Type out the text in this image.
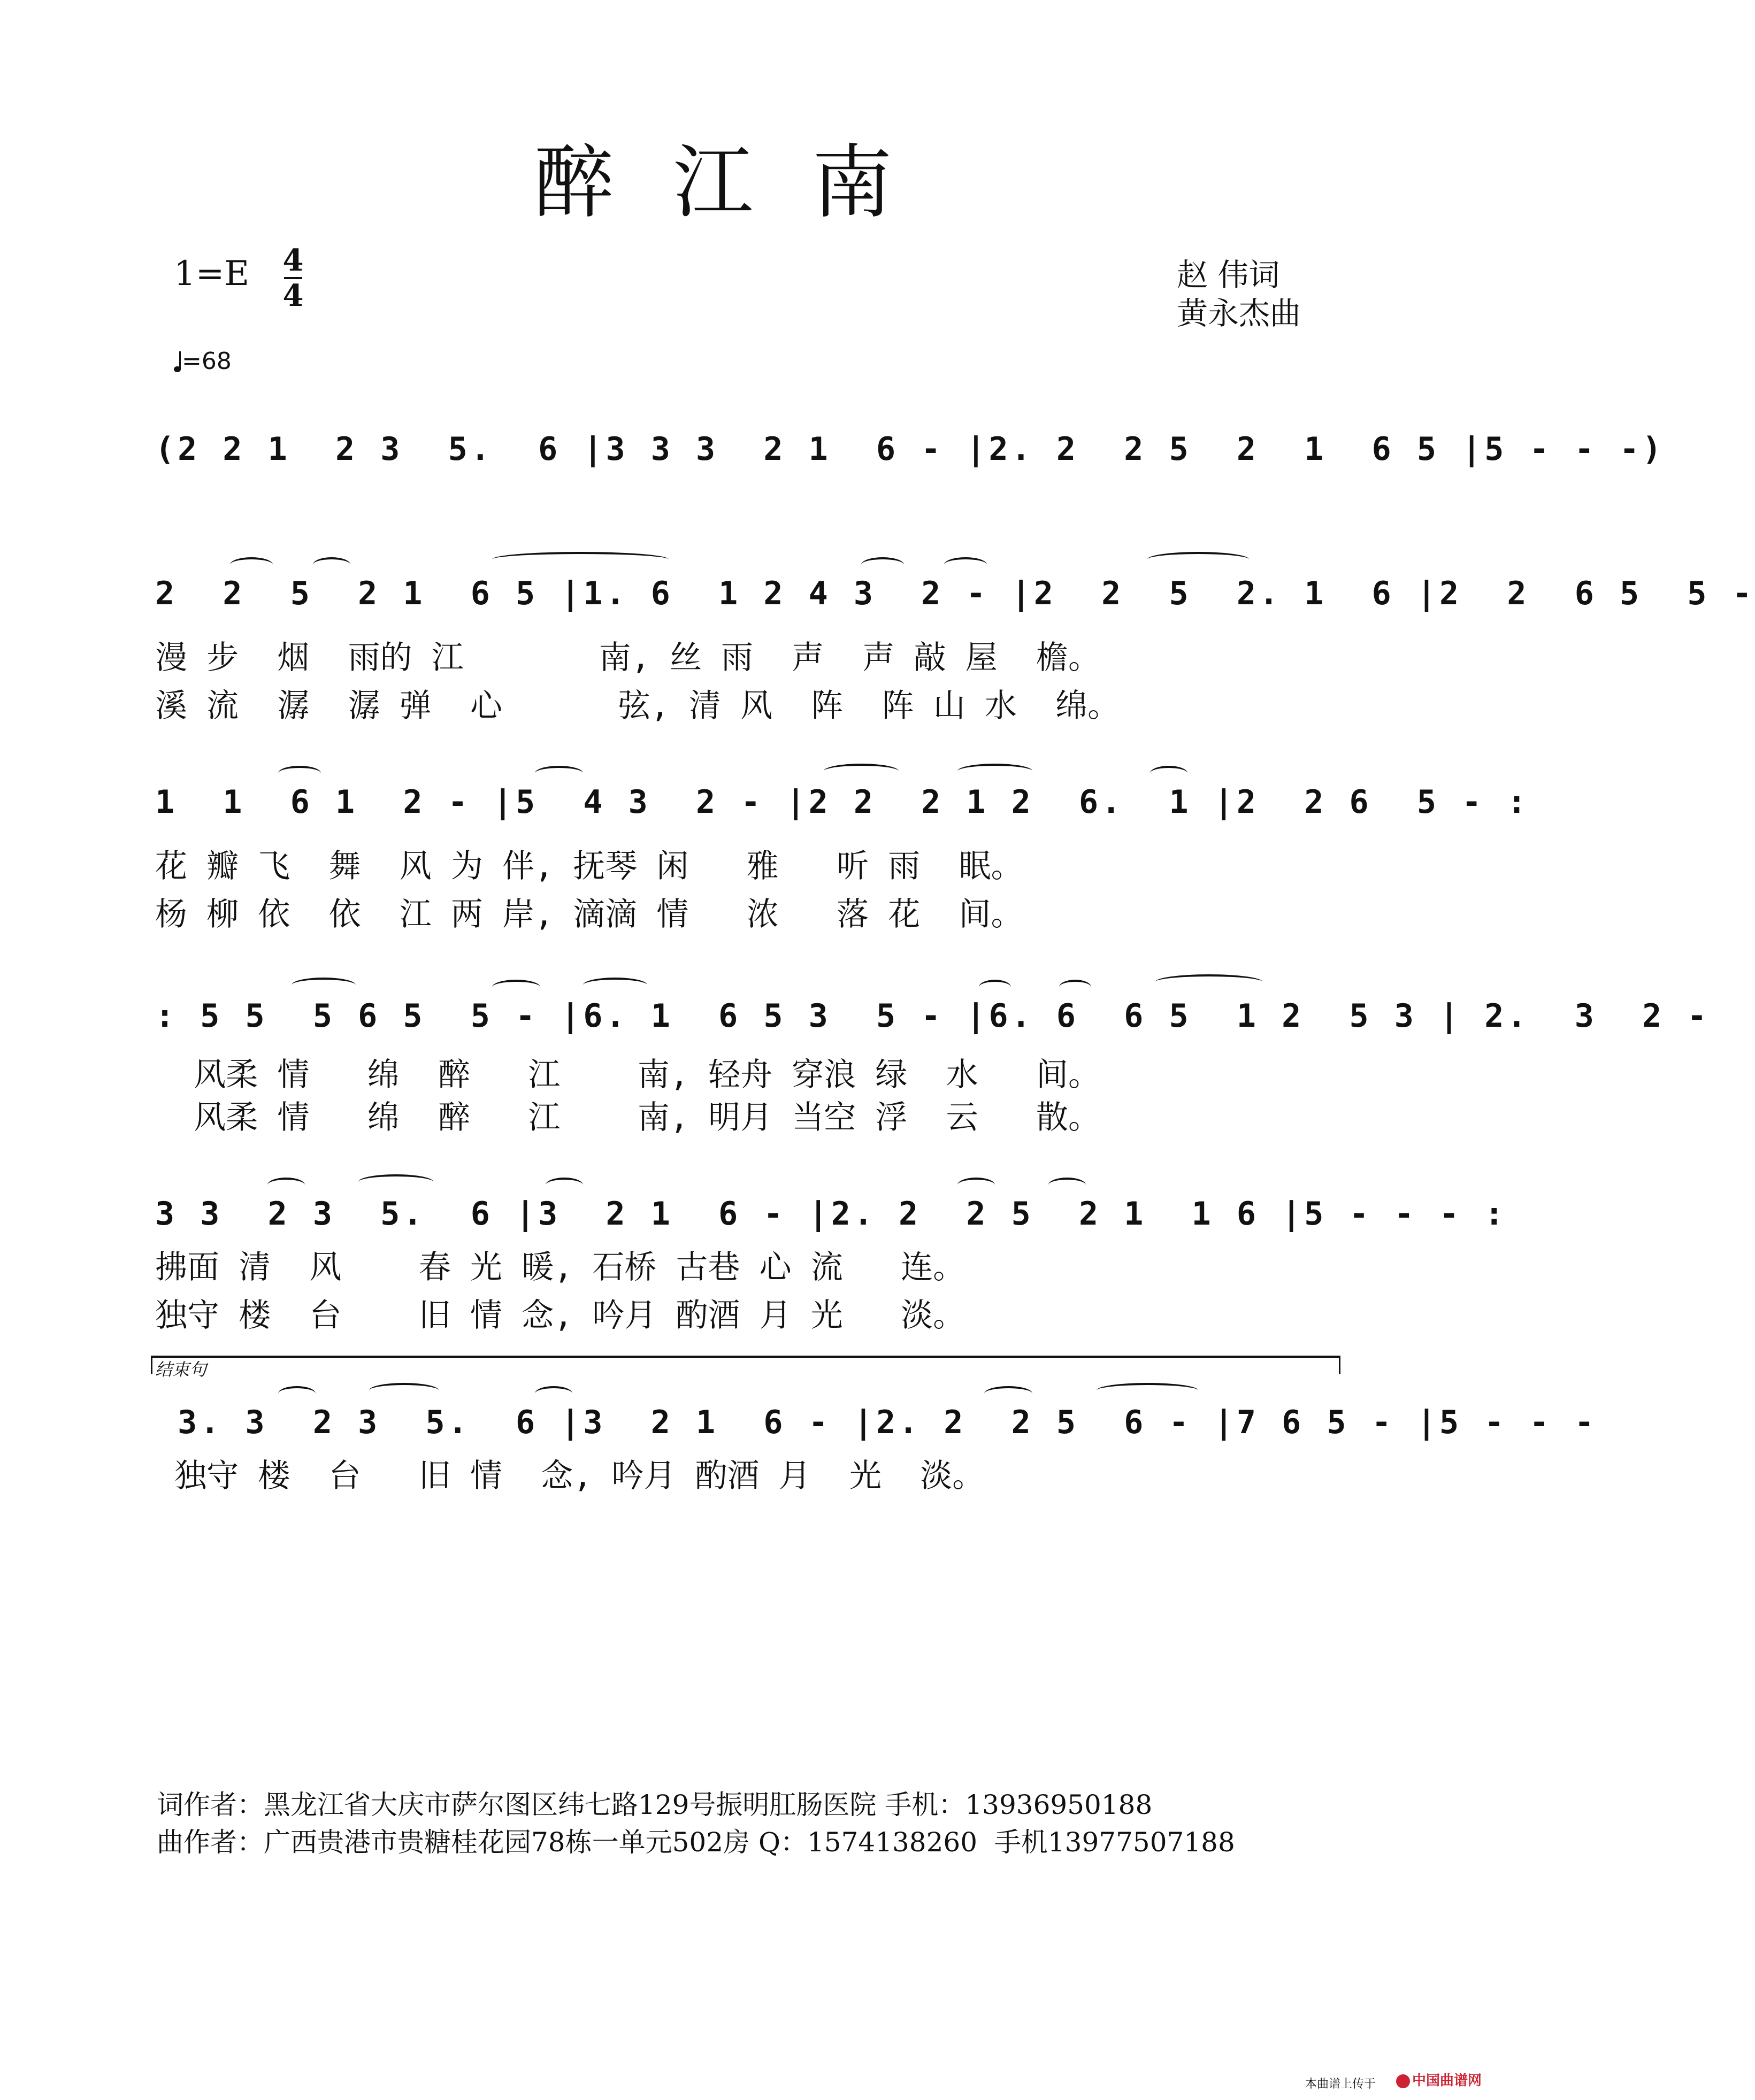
醉江南
1=E 4
4
赵 伟词
黄永杰曲
=68
(2 2 1  2 3  5.  6 |3 3 3  2 1  6 - |2. 2  2 5  2  1  6 5 |5 - - -)
2  2  5  2 1  6 5 |1. 6  1 2 4 3  2 - |2  2  5  2. 1  6 |2  2  6 5  5 -
漫 步  烟  雨的 江       南, 丝 雨  声  声 敲 屋  檐。
溪 流  潺  潺 弹  心      弦, 清 风  阵  阵 山 水  绵。
1  1  6 1  2 - |5  4 3  2 - |2 2  2 1 2  6.  1 |2  2 6  5 - :
花 瓣 飞  舞  风 为 伴, 抚琴 闲   雅   听 雨  眠。
杨 柳 依  依  江 两 岸, 滴滴 情   浓   落 花  间。
: 5 5  5 6 5  5 - |6. 1  6 5 3  5 - |6. 6  6 5  1 2  5 3 | 2.  3  2 -
风柔 情   绵  醉   江    南, 轻舟 穿浪 绿  水   间。
风柔 情   绵  醉   江    南, 明月 当空 浮  云   散。
3 3  2 3  5.  6 |3  2 1  6 - |2. 2  2 5  2 1  1 6 |5 - - - :
拂面 清  风    春 光 暖, 石桥 古巷 心 流   连。
独守 楼  台    旧 情 念, 吟月 酌酒 月 光   淡。
结束句
3. 3  2 3  5.  6 |3  2 1  6 - |2. 2  2 5  6 - |7 6 5 - |5 - - -
独守 楼  台   旧 情  念, 吟月 酌酒 月  光  淡。
词作者：黑龙江省大庆市萨尔图区纬七路129号振明肛肠医院 手机：13936950188
曲作者：广西贵港市贵糖桂花园78栋一单元502房 Q：1574138260  手机13977507188
本曲谱上传于	中国曲谱网
